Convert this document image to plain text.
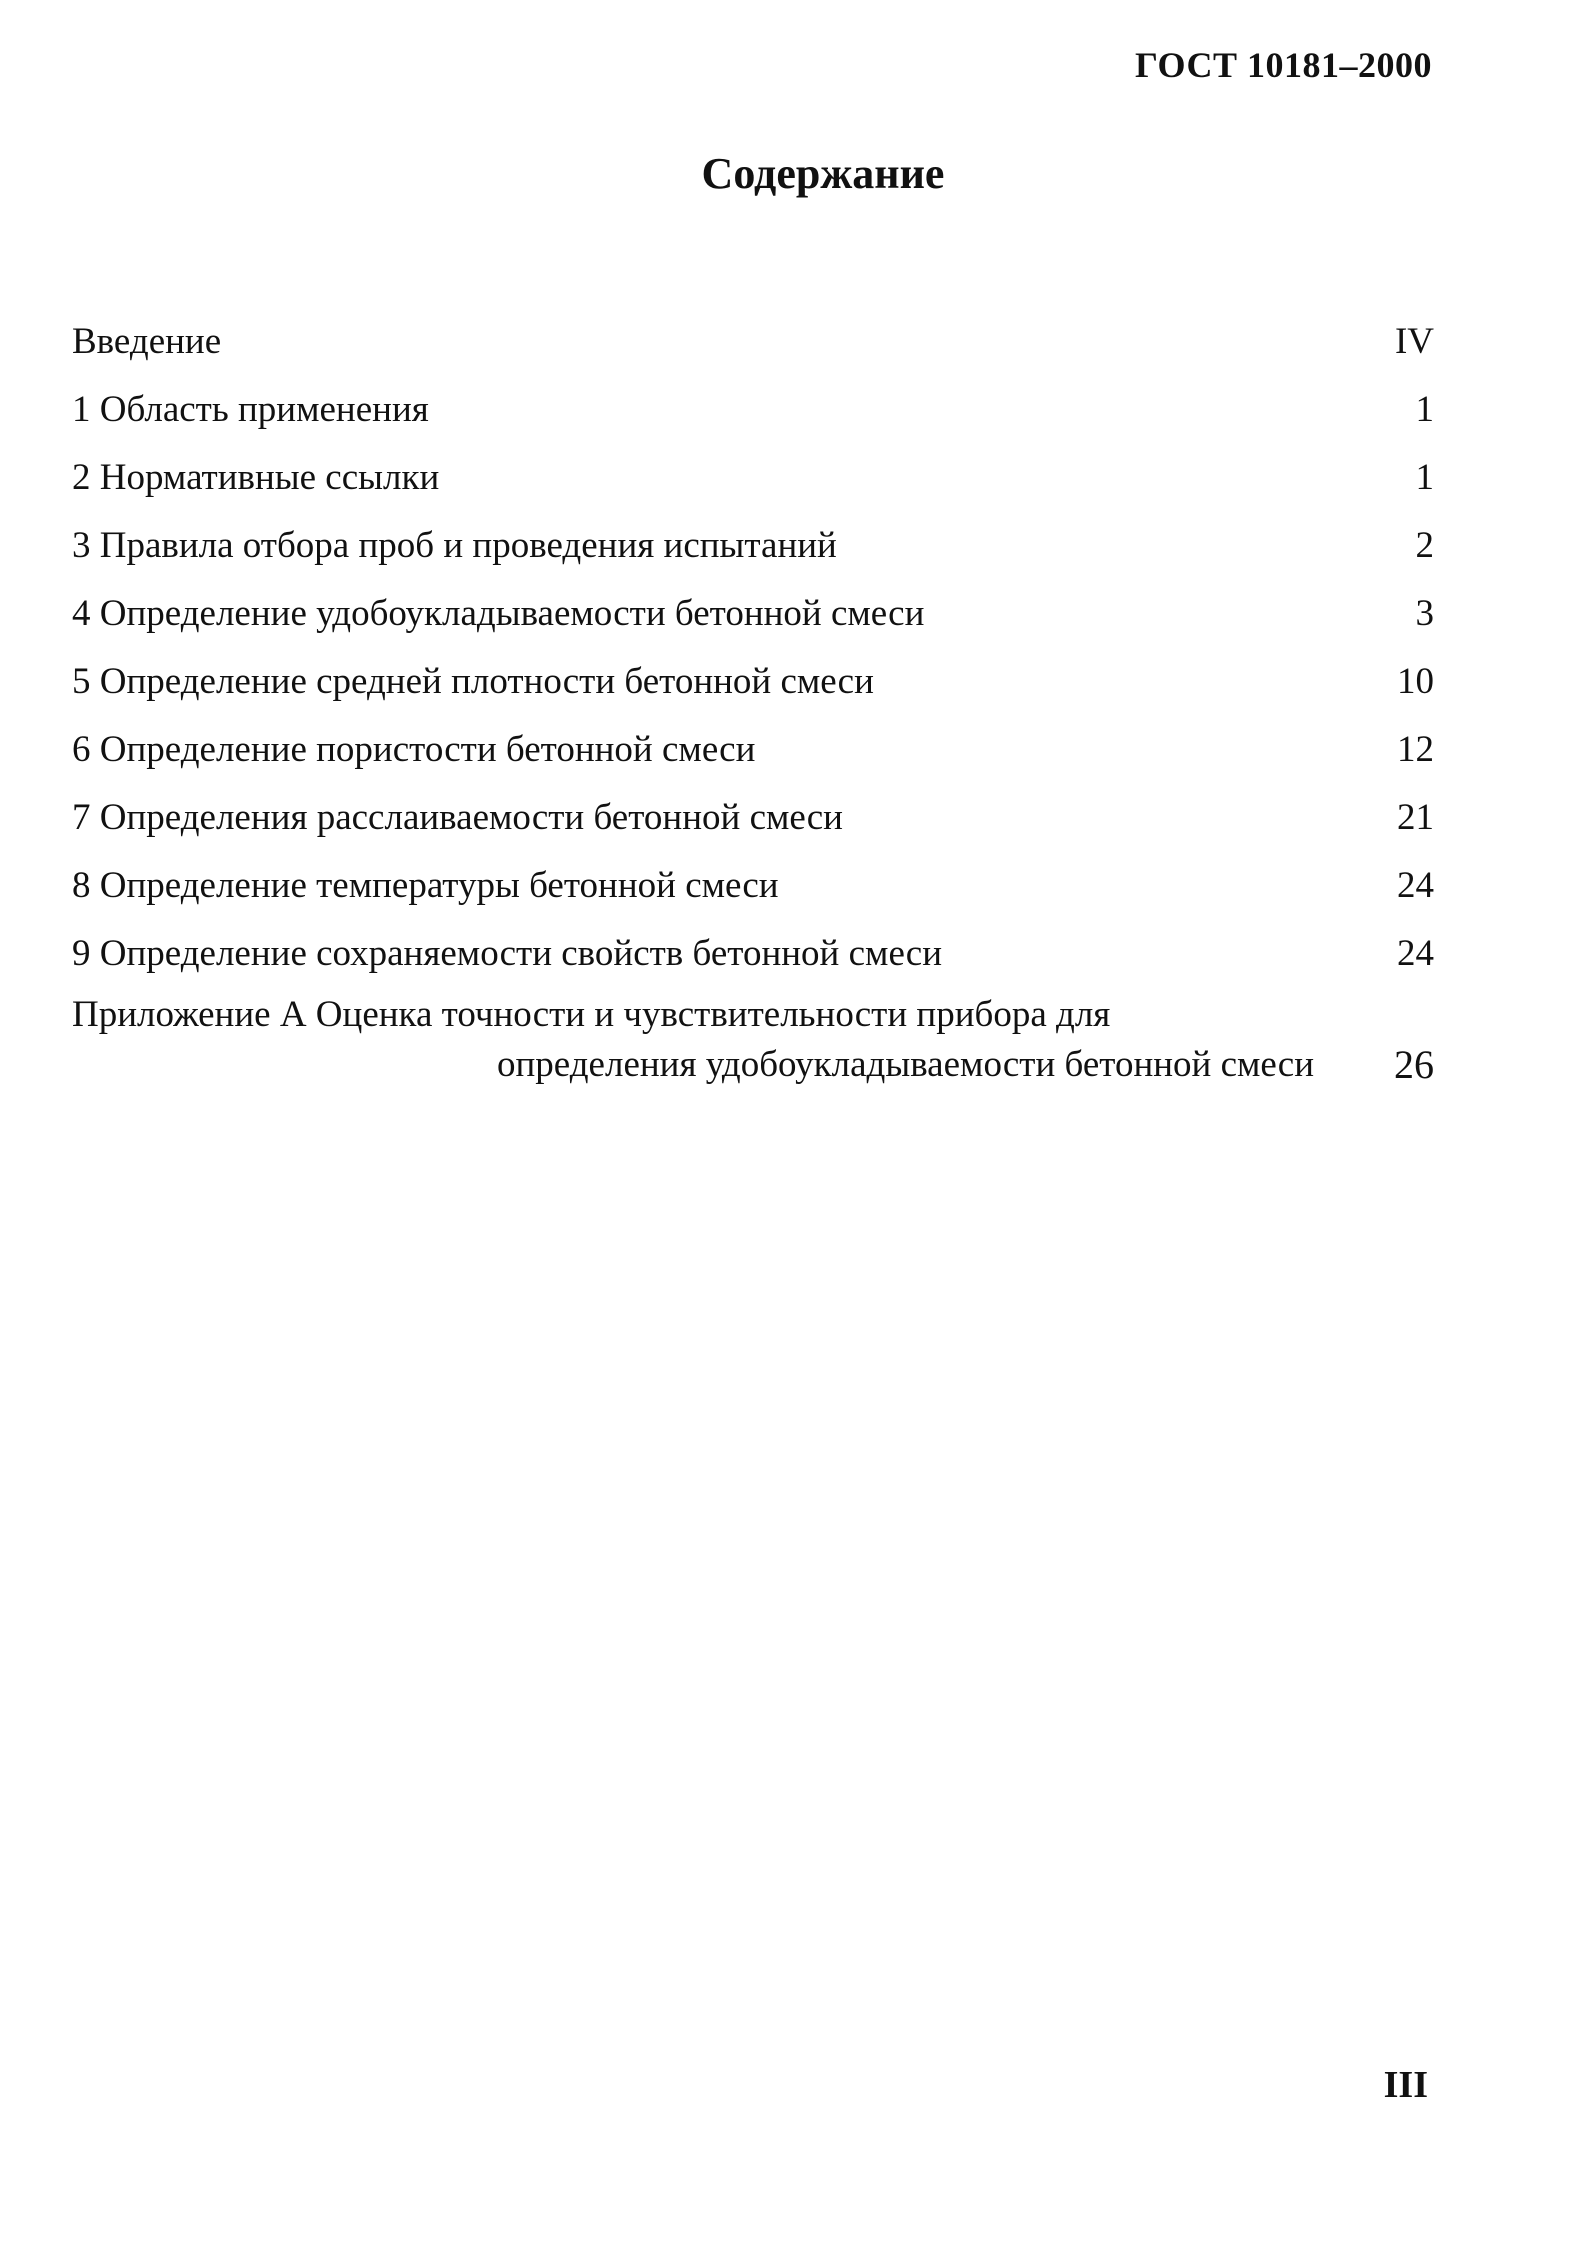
ГОСТ 10181–2000
Содержание
Введение	IV
1 Область применения	1
2 Нормативные ссылки	1
3 Правила отбора проб и проведения испытаний	2
4 Определение удобоукладываемости бетонной смеси	3
5 Определение средней плотности бетонной смеси	10
6 Определение пористости бетонной смеси	12
7 Определения расслаиваемости бетонной смеси	21
8 Определение температуры бетонной смеси	24
9 Определение сохраняемости свойств бетонной смеси	24
Приложение А Оценка точности и чувствительности прибора для
определения удобоукладываемости бетонной смеси 26
III
